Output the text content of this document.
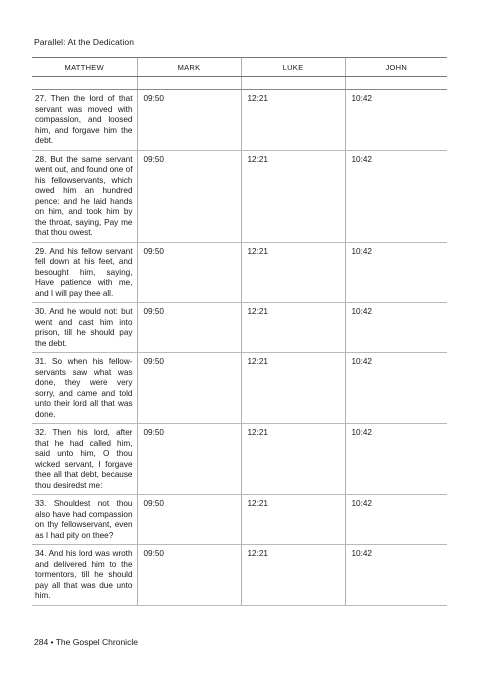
Parallel: At the Dedication
MATTHEW	MARK	LUKE	JOHN

27. Then the lord of that servant was moved with compassion, and loosed him, and forgave him the debt.	09:50	12:21	10:42
28. But the same servant went out, and found one of his fellowservants, which owed him an hundred pence: and he laid hands on him, and took him by the throat, saying, Pay me that thou owest.	09:50	12:21	10:42
29. And his fellow servant fell down at his feet, and besought him, saying, Have patience with me, and I will pay thee all.	09:50	12:21	10:42
30. And he would not: but went and cast him into prison, till he should pay the debt.	09:50	12:21	10:42
31. So when his fellowservants saw what was done, they were very sorry, and came and told unto their lord all that was done.	09:50	12:21	10:42
32. Then his lord, after that he had called him, said unto him, O thou wicked servant, I forgave thee all that debt, because thou desiredst me:	09:50	12:21	10:42
33. Shouldest not thou also have had compassion on thy fellowservant, even as I had pity on thee?	09:50	12:21	10:42
34. And his lord was wroth and delivered him to the tormentors, till he should pay all that was due unto him.	09:50	12:21	10:42
284 • The Gospel Chronicle
